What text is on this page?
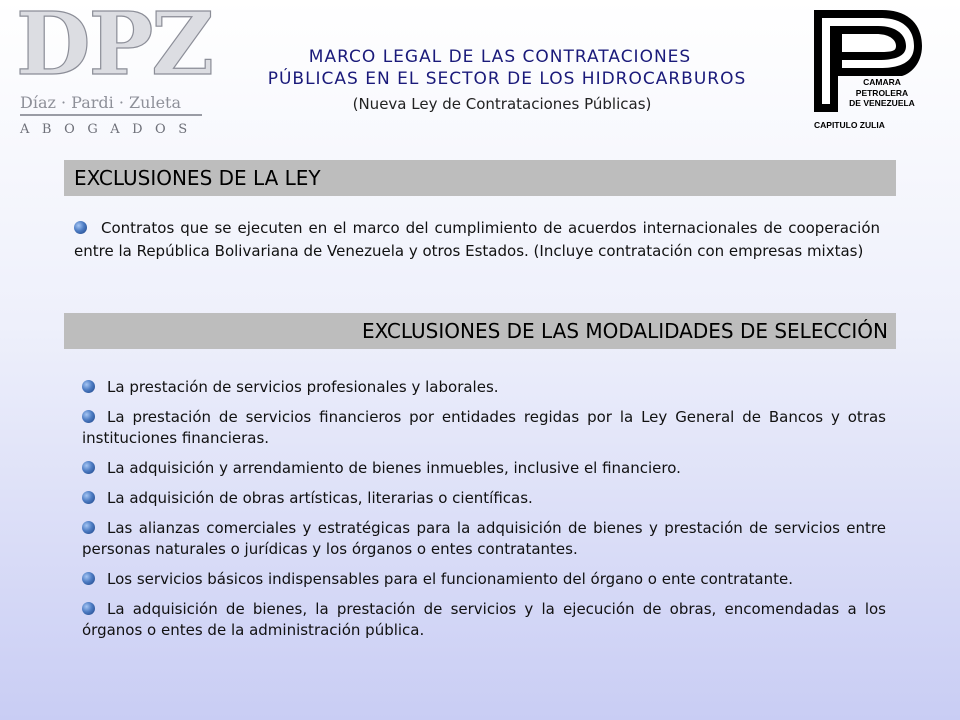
DPZ
Díaz · Pardi · Zuleta
ABOGADOS
MARCO LEGAL DE LAS CONTRATACIONES
PÚBLICAS EN EL SECTOR DE LOS HIDROCARBUROS
(Nueva Ley de Contrataciones Públicas)
CAMARA
PETROLERA
DE VENEZUELA
CAPITULO ZULIA
EXCLUSIONES DE LA LEY
Contratos que se ejecuten en el marco del cumplimiento de acuerdos internacionales de cooperación entre la República Bolivariana de Venezuela y otros Estados. (Incluye contratación con empresas mixtas)
EXCLUSIONES DE LAS MODALIDADES DE SELECCIÓN
La prestación de servicios profesionales y laborales.
La prestación de servicios financieros por entidades regidas por la Ley General de Bancos y otras instituciones financieras.
La adquisición y arrendamiento de bienes inmuebles, inclusive el financiero.
La adquisición de obras artísticas, literarias o científicas.
Las alianzas comerciales y estratégicas para la adquisición de bienes y prestación de servicios entre personas naturales o jurídicas y los órganos o entes contratantes.
Los servicios básicos indispensables para el funcionamiento del órgano o ente contratante.
La adquisición de bienes, la prestación de servicios y la ejecución de obras, encomendadas a los órganos o entes de la administración pública.
